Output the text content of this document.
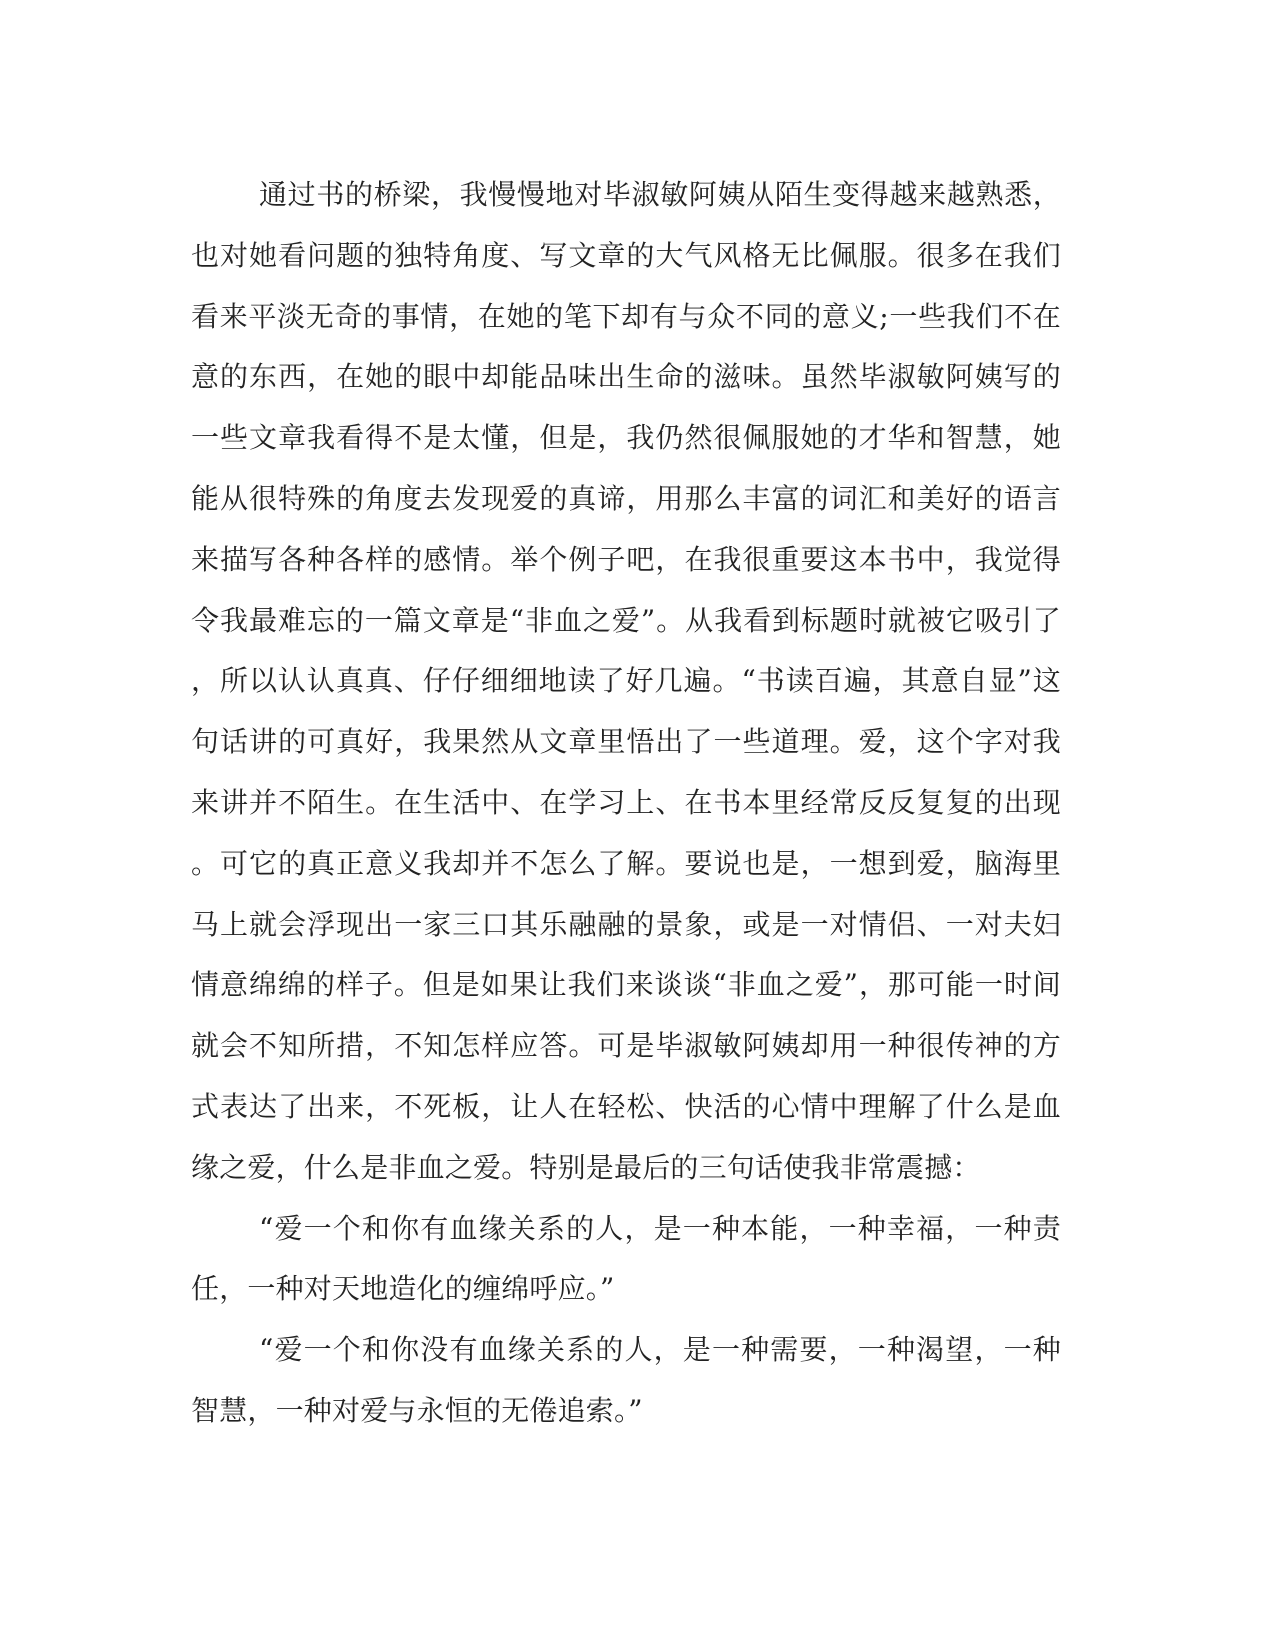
通过书的桥梁，我慢慢地对毕淑敏阿姨从陌生变得越来越熟悉，
也对她看问题的独特角度、写文章的大气风格无比佩服。很多在我们
看来平淡无奇的事情，在她的笔下却有与众不同的意义;一些我们不在
意的东西，在她的眼中却能品味出生命的滋味。虽然毕淑敏阿姨写的
一些文章我看得不是太懂，但是，我仍然很佩服她的才华和智慧，她
能从很特殊的角度去发现爱的真谛，用那么丰富的词汇和美好的语言
来描写各种各样的感情。举个例子吧，在我很重要这本书中，我觉得
令我最难忘的一篇文章是“非血之爱”。从我看到标题时就被它吸引了
，所以认认真真、仔仔细细地读了好几遍。“书读百遍，其意自显”这
句话讲的可真好，我果然从文章里悟出了一些道理。爱，这个字对我
来讲并不陌生。在生活中、在学习上、在书本里经常反反复复的出现
。可它的真正意义我却并不怎么了解。要说也是，一想到爱，脑海里
马上就会浮现出一家三口其乐融融的景象，或是一对情侣、一对夫妇
情意绵绵的样子。但是如果让我们来谈谈“非血之爱”，那可能一时间
就会不知所措，不知怎样应答。可是毕淑敏阿姨却用一种很传神的方
式表达了出来，不死板，让人在轻松、快活的心情中理解了什么是血
缘之爱，什么是非血之爱。特别是最后的三句话使我非常震撼：
“爱一个和你有血缘关系的人，是一种本能，一种幸福，一种责
任，一种对天地造化的缠绵呼应。”
“爱一个和你没有血缘关系的人，是一种需要，一种渴望，一种
智慧，一种对爱与永恒的无倦追索。”
